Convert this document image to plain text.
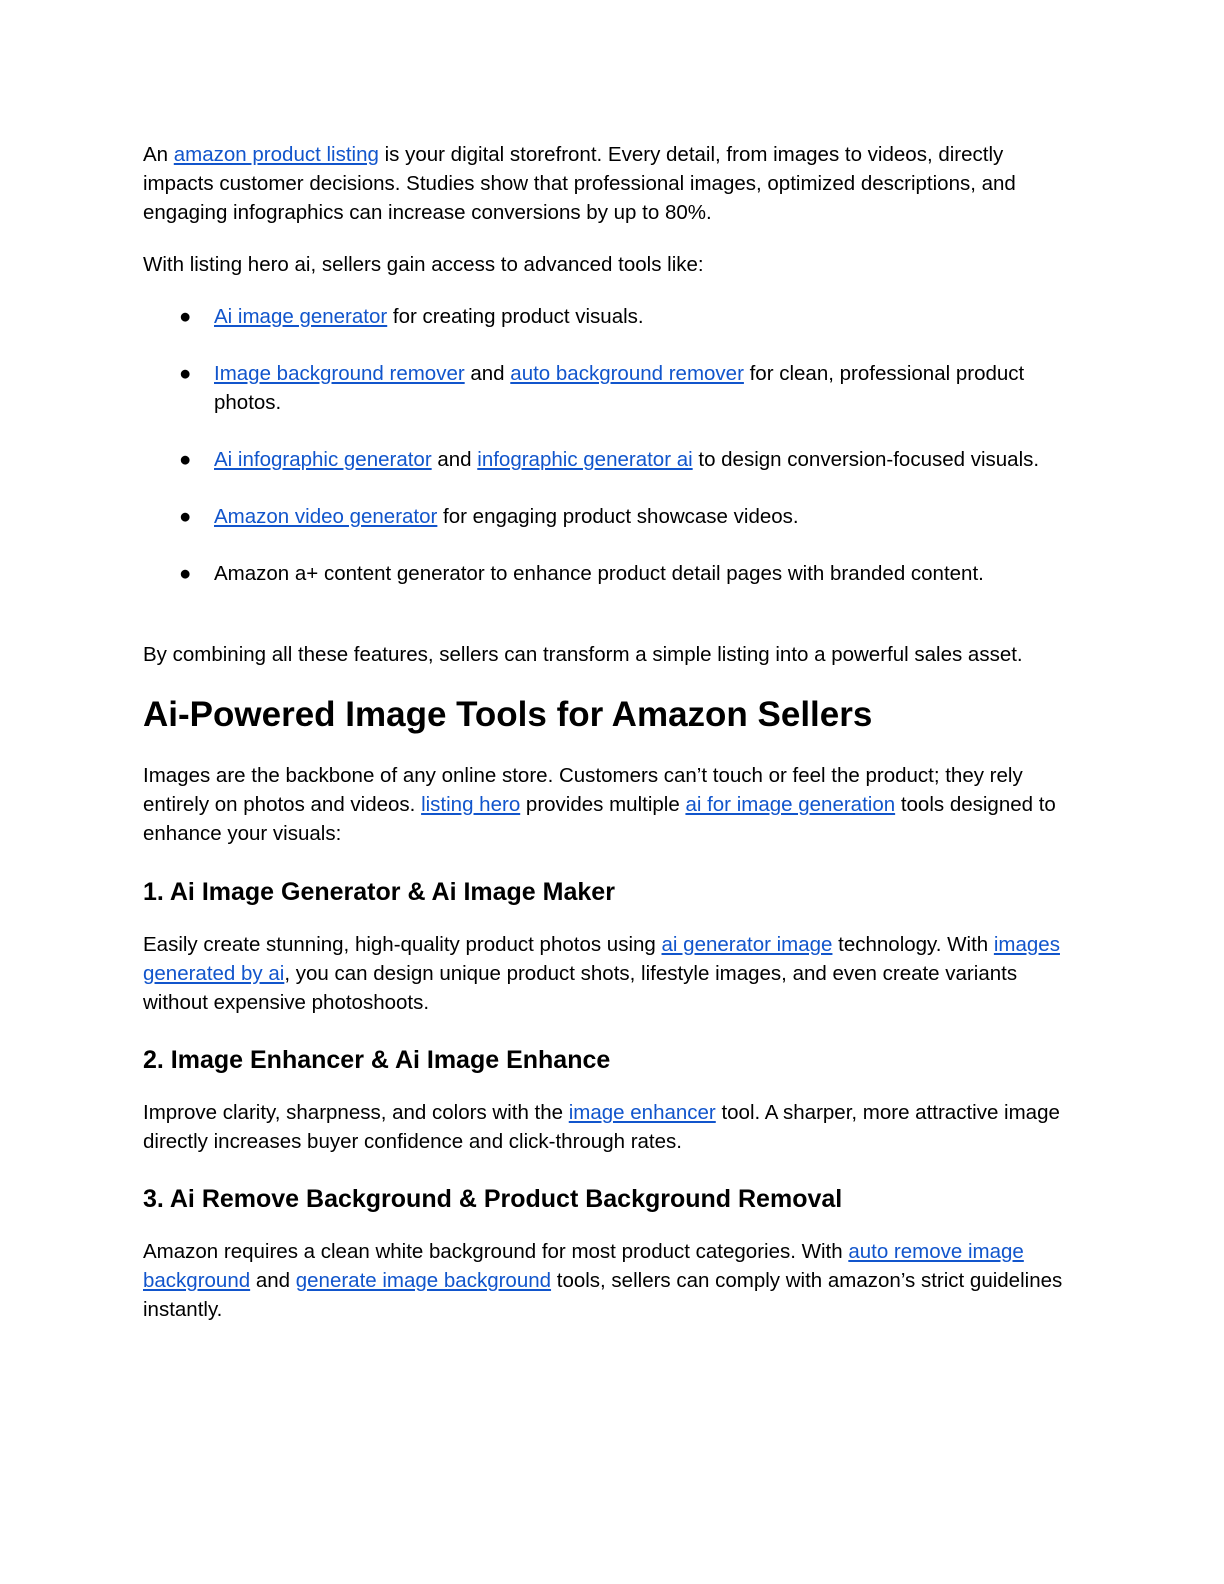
An amazon product listing is your digital storefront. Every detail, from images to videos, directly impacts customer decisions. Studies show that professional images, optimized descriptions, and engaging infographics can increase conversions by up to 80%.

With listing hero ai, sellers gain access to advanced tools like:

● Ai image generator for creating product visuals.
● Image background remover and auto background remover for clean, professional product photos.
● Ai infographic generator and infographic generator ai to design conversion-focused visuals.
● Amazon video generator for engaging product showcase videos.
● Amazon a+ content generator to enhance product detail pages with branded content.

By combining all these features, sellers can transform a simple listing into a powerful sales asset.

Ai-Powered Image Tools for Amazon Sellers

Images are the backbone of any online store. Customers can’t touch or feel the product; they rely entirely on photos and videos. listing hero provides multiple ai for image generation tools designed to enhance your visuals:

1. Ai Image Generator & Ai Image Maker

Easily create stunning, high-quality product photos using ai generator image technology. With images generated by ai, you can design unique product shots, lifestyle images, and even create variants without expensive photoshoots.

2. Image Enhancer & Ai Image Enhance

Improve clarity, sharpness, and colors with the image enhancer tool. A sharper, more attractive image directly increases buyer confidence and click-through rates.

3. Ai Remove Background & Product Background Removal

Amazon requires a clean white background for most product categories. With auto remove image background and generate image background tools, sellers can comply with amazon’s strict guidelines instantly.
